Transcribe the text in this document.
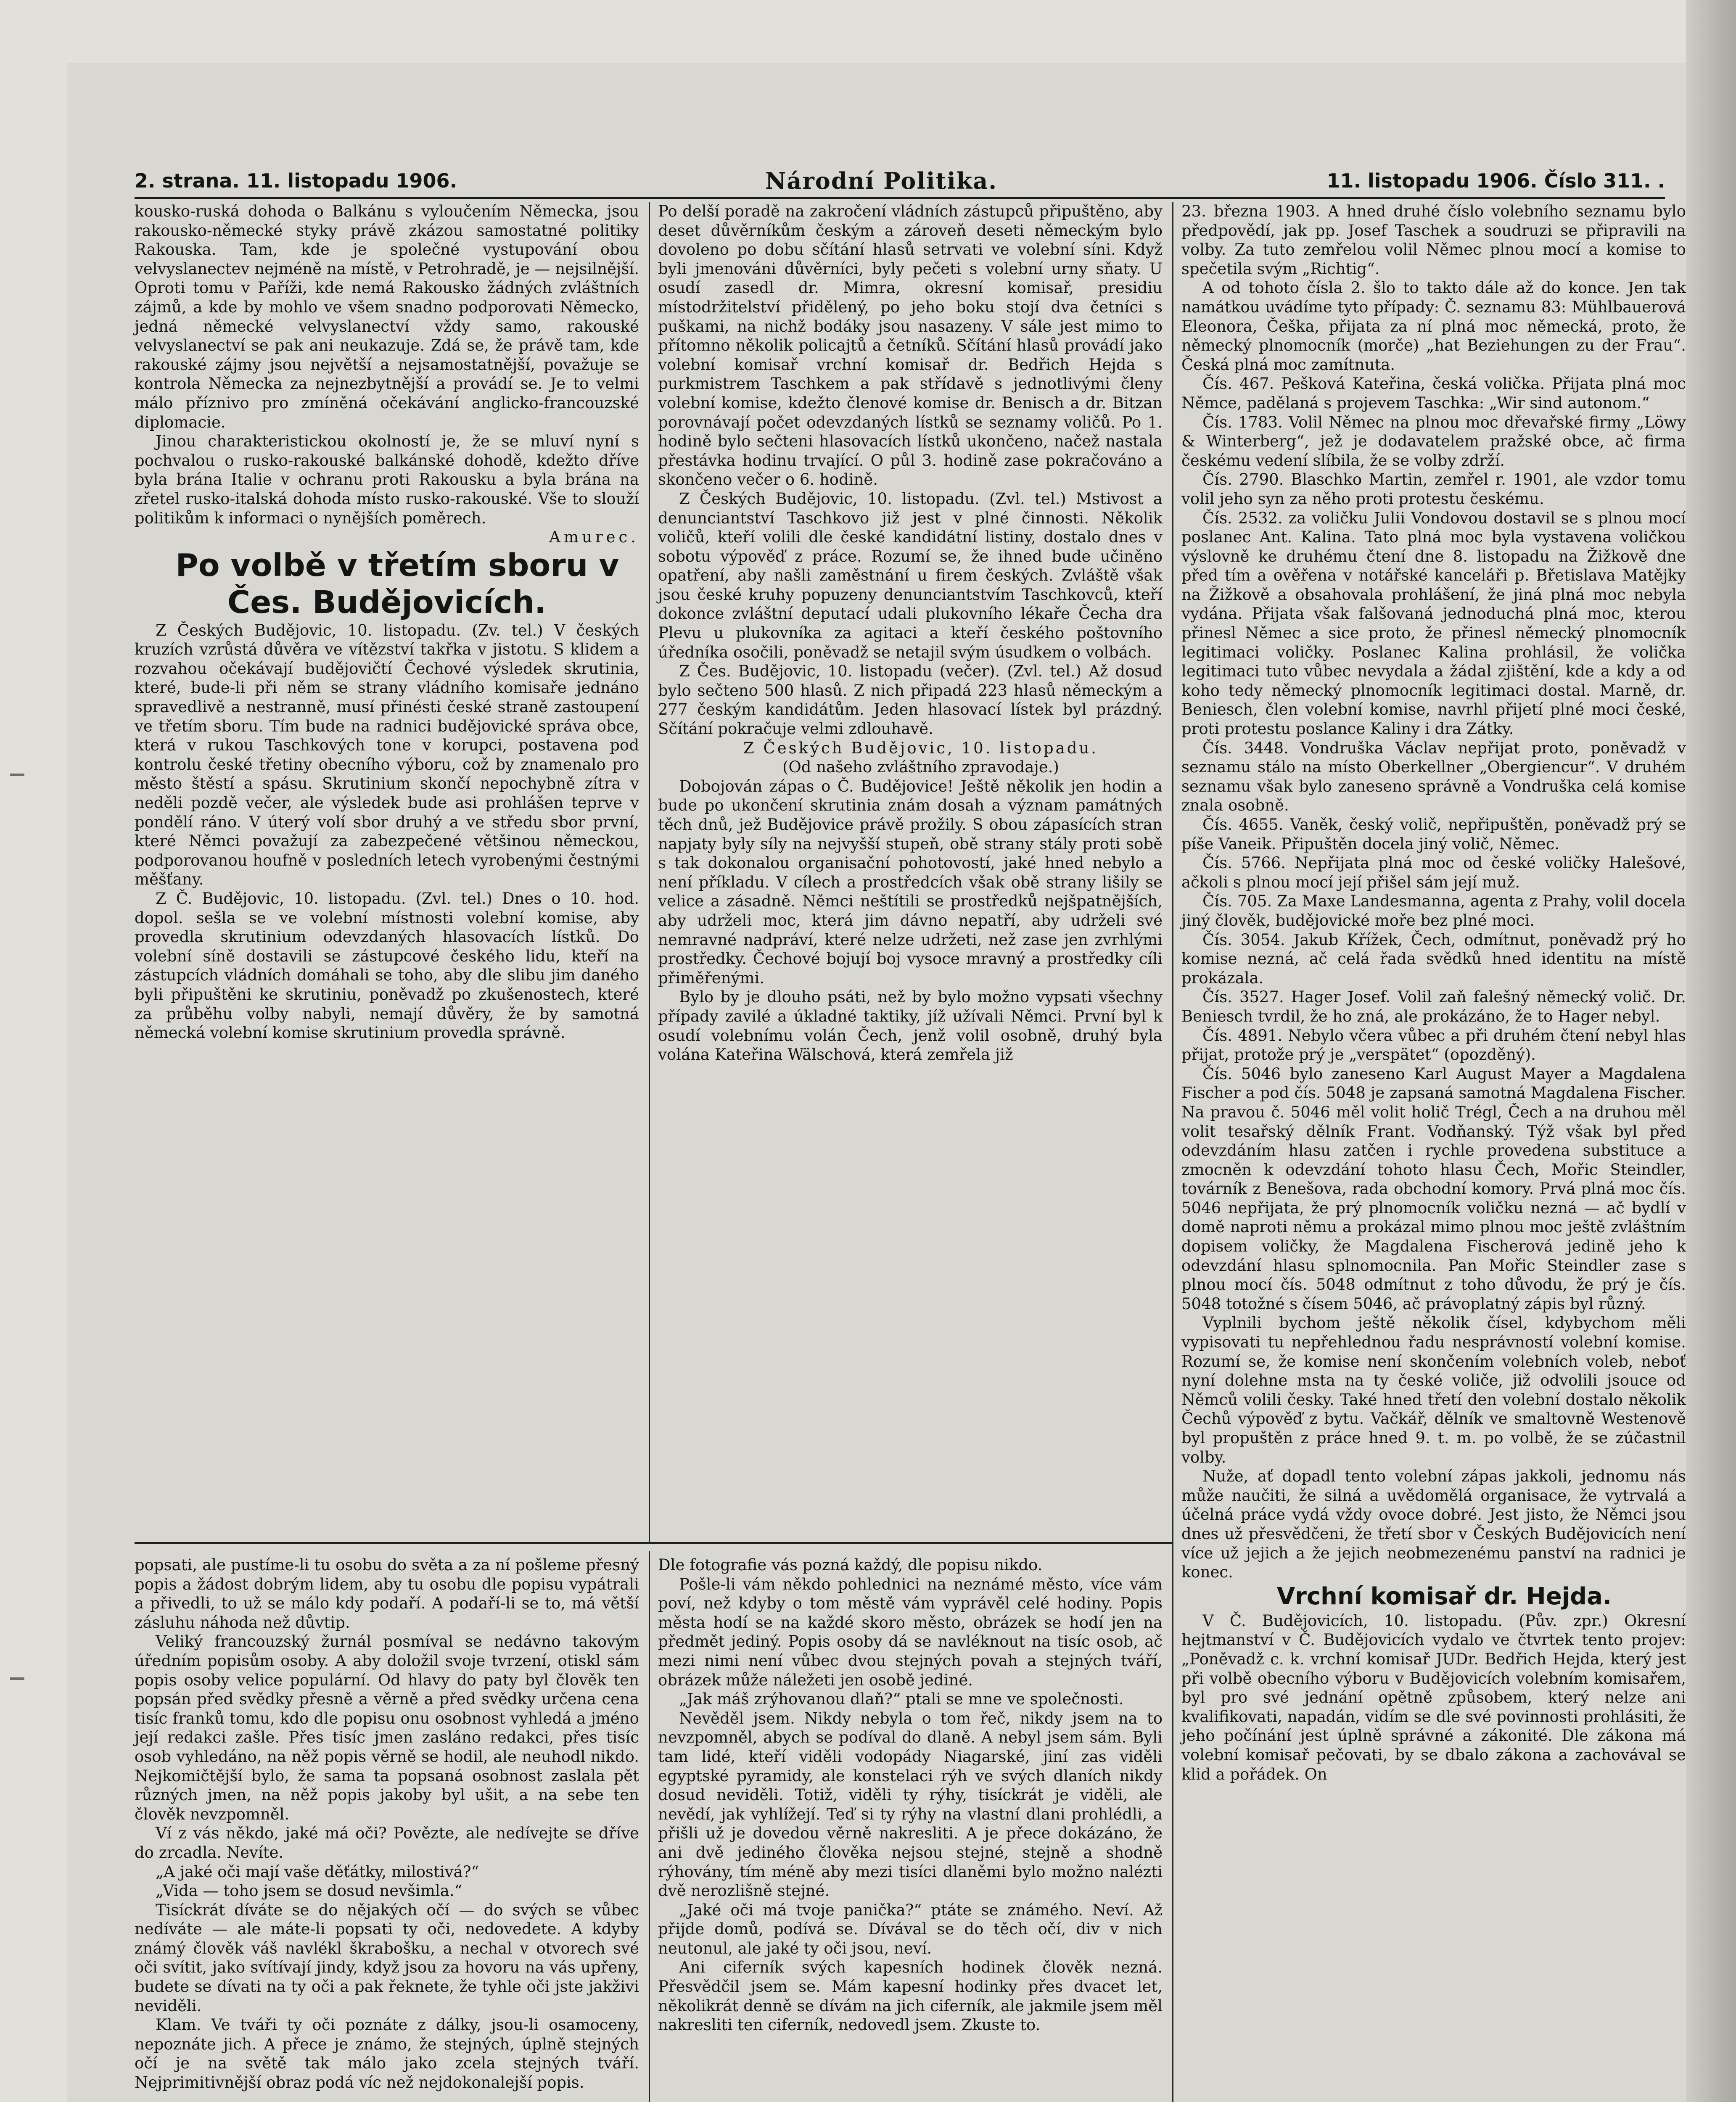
2. strana. 11. listopadu 1906.	Národní Politika.	11. listopadu 1906. Číslo 311. .

kousko-ruská dohoda o Balkánu s vyloučením Německa, jsou rakousko-německé styky právě zkázou samostatné politiky Rakouska. Tam, kde je společné vystupování obou velvyslanectev nejméně na místě, v Petrohradě, je — nejsilnější. Oproti tomu v Paříži, kde nemá Rakousko žádných zvláštních zájmů, a kde by mohlo ve všem snadno podporovati Německo, jedná německé velvyslanectví vždy samo, rakouské velvyslanectví se pak ani neukazuje. Zdá se, že právě tam, kde rakouské zájmy jsou největší a nejsamostatnější, považuje se kontrola Německa za nejnezbytnější a provádí se. Je to velmi málo příznivo pro zmíněná očekávání anglicko-francouzské diplomacie.

Jinou charakteristickou okolností je, že se mluví nyní s pochvalou o rusko-rakouské balkánské dohodě, kdežto dříve byla brána Italie v ochranu proti Rakousku a byla brána na zřetel rusko-italská dohoda místo rusko-rakouské. Vše to slouží politikům k informaci o nynějších poměrech.

Amurec.

Po volbě v třetím sboru v Čes. Budějovicích.

Z Českých Budějovic, 10. listopadu. (Zv. tel.) V českých kruzích vzrůstá důvěra ve vítězství takřka v jistotu. S klidem a rozvahou očekávají budějovičtí Čechové výsledek skrutinia, které, bude-li při něm se strany vládního komisaře jednáno spravedlivě a nestranně, musí přinésti české straně zastoupení ve třetím sboru. Tím bude na radnici budějovické správa obce, která v rukou Taschkových tone v korupci, postavena pod kontrolu české třetiny obecního výboru, což by znamenalo pro město štěstí a spásu. Skrutinium skončí nepochybně zítra v neděli pozdě večer, ale výsledek bude asi prohlášen teprve v pondělí ráno. V úterý volí sbor druhý a ve středu sbor první, které Němci považují za zabezpečené většinou německou, podporovanou houfně v posledních letech vyrobenými čestnými měšťany.

Z Č. Budějovic, 10. listopadu. (Zvl. tel.) Dnes o 10. hod. dopol. sešla se ve volební místnosti volební komise, aby provedla skrutinium odevzdaných hlasovacích lístků. Do volební síně dostavili se zástupcové českého lidu, kteří na zástupcích vládních domáhali se toho, aby dle slibu jim daného byli připuštěni ke skrutiniu, poněvadž po zkušenostech, které za průběhu volby nabyli, nemají důvěry, že by samotná německá volební komise skrutinium provedla správně.

Po delší poradě na zakročení vládních zástupců připuštěno, aby deset důvěrníkům českým a zároveň deseti německým bylo dovoleno po dobu sčítání hlasů setrvati ve volební síni. Když byli jmenováni důvěrníci, byly pečeti s volební urny sňaty. U osudí zasedl dr. Mimra, okresní komisař, presidiu místodržitelství přidělený, po jeho boku stojí dva četníci s puškami, na nichž bodáky jsou nasazeny. V sále jest mimo to přítomno několik policajtů a četníků. Sčítání hlasů provádí jako volební komisař vrchní komisař dr. Bedřich Hejda s purkmistrem Taschkem a pak střídavě s jednotlivými členy volební komise, kdežto členové komise dr. Benisch a dr. Bitzan porovnávají počet odevzdaných lístků se seznamy voličů. Po 1. hodině bylo sečteni hlasovacích lístků ukončeno, načež nastala přestávka hodinu trvající. O půl 3. hodině zase pokračováno a skončeno večer o 6. hodině.

Z Českých Budějovic, 10. listopadu. (Zvl. tel.) Mstivost a denunciantství Taschkovo již jest v plné činnosti. Několik voličů, kteří volili dle české kandidátní listiny, dostalo dnes v sobotu výpověď z práce. Rozumí se, že ihned bude učiněno opatření, aby našli zaměstnání u firem českých. Zvláště však jsou české kruhy popuzeny denunciantstvím Taschkovců, kteří dokonce zvláštní deputací udali plukovního lékaře Čecha dra Plevu u plukovníka za agitaci a kteří českého poštovního úředníka osočili, poněvadž se netajil svým úsudkem o volbách.

Z Čes. Budějovic, 10. listopadu (večer). (Zvl. tel.) Až dosud bylo sečteno 500 hlasů. Z nich připadá 223 hlasů německým a 277 českým kandidátům. Jeden hlasovací lístek byl prázdný. Sčítání pokračuje velmi zdlouhavě.

Z Českých Budějovic, 10. listopadu.

(Od našeho zvláštního zpravodaje.)

Dobojován zápas o Č. Budějovice! Ještě několik jen hodin a bude po ukončení skrutinia znám dosah a význam památných těch dnů, jež Budějovice právě prožily. S obou zápasících stran napjaty byly síly na nejvyšší stupeň, obě strany stály proti sobě s tak dokonalou organisační pohotovostí, jaké hned nebylo a není příkladu. V cílech a prostředcích však obě strany lišily se velice a zásadně. Němci neštítili se prostředků nejšpatnějších, aby udrželi moc, která jim dávno nepatří, aby udrželi své nemravné nadpráví, které nelze udržeti, než zase jen zvrhlými prostředky. Čechové bojují boj vysoce mravný a prostředky cíli přiměřenými.

Bylo by je dlouho psáti, než by bylo možno vypsati všechny případy zavilé a úkladné taktiky, jíž užívali Němci. První byl k osudí volebnímu volán Čech, jenž volil osobně, druhý byla volána Kateřina Wälschová, která zemřela již

23. března 1903. A hned druhé číslo volebního seznamu bylo předpovědí, jak pp. Josef Taschek a soudruzi se připravili na volby. Za tuto zemřelou volil Němec plnou mocí a komise to spečetila svým „Richtig“.

A od tohoto čísla 2. šlo to takto dále až do konce. Jen tak namátkou uvádíme tyto případy: Č. seznamu 83: Mühlbauerová Eleonora, Češka, přijata za ní plná moc německá, proto, že německý plnomocník (morče) „hat Beziehungen zu der Frau“. Česká plná moc zamítnuta.

Čís. 467. Pešková Kateřina, česká volička. Přijata plná moc Němce, padělaná s projevem Taschka: „Wir sind autonom.“

Čís. 1783. Volil Němec na plnou moc dřevařské firmy „Löwy & Winterberg“, jež je dodavatelem pražské obce, ač firma českému vedení slíbila, že se volby zdrží.

Čís. 2790. Blaschko Martin, zemřel r. 1901, ale vzdor tomu volil jeho syn za něho proti protestu českému.

Čís. 2532. za voličku Julii Vondovou dostavil se s plnou mocí poslanec Ant. Kalina. Tato plná moc byla vystavena voličkou výslovně ke druhému čtení dne 8. listopadu na Žižkově dne před tím a ověřena v notářské kanceláři p. Břetislava Matějky na Žižkově a obsahovala prohlášení, že jiná plná moc nebyla vydána. Přijata však falšovaná jednoduchá plná moc, kterou přinesl Němec a sice proto, že přinesl německý plnomocník legitimaci voličky. Poslanec Kalina prohlásil, že volička legitimaci tuto vůbec nevydala a žádal zjištění, kde a kdy a od koho tedy německý plnomocník legitimaci dostal. Marně, dr. Beniesch, člen volební komise, navrhl přijetí plné moci české, proti protestu poslance Kaliny i dra Zátky.

Čís. 3448. Vondruška Václav nepřijat proto, poněvadž v seznamu stálo na místo Oberkellner „Obergiencur“. V druhém seznamu však bylo zaneseno správně a Vondruška celá komise znala osobně.

Čís. 4655. Vaněk, český volič, nepřipuštěn, poněvadž prý se píše Vaneik. Připuštěn docela jiný volič, Němec.

Čís. 5766. Nepřijata plná moc od české voličky Halešové, ačkoli s plnou mocí její přišel sám její muž.

Čís. 705. Za Maxe Landesmanna, agenta z Prahy, volil docela jiný člověk, budějovické moře bez plné moci.

Čís. 3054. Jakub Křížek, Čech, odmítnut, poněvadž prý ho komise nezná, ač celá řada svědků hned identitu na místě prokázala.

Čís. 3527. Hager Josef. Volil zaň falešný německý volič. Dr. Beniesch tvrdil, že ho zná, ale prokázáno, že to Hager nebyl.

Čís. 4891. Nebylo včera vůbec a při druhém čtení nebyl hlas přijat, protože prý je „verspätet“ (opozděný).

Čís. 5046 bylo zaneseno Karl August Mayer a Magdalena Fischer a pod čís. 5048 je zapsaná samotná Magdalena Fischer. Na pravou č. 5046 měl volit holič Trégl, Čech a na druhou měl volit tesařský dělník Frant. Vodňanský. Týž však byl před odevzdáním hlasu zatčen i rychle provedena substituce a zmocněn k odevzdání tohoto hlasu Čech, Mořic Steindler, továrník z Benešova, rada obchodní komory. Prvá plná moc čís. 5046 nepřijata, že prý plnomocník voličku nezná — ač bydlí v domě naproti němu a prokázal mimo plnou moc ještě zvláštním dopisem voličky, že Magdalena Fischerová jedině jeho k odevzdání hlasu splnomocnila. Pan Mořic Steindler zase s plnou mocí čís. 5048 odmítnut z toho důvodu, že prý je čís. 5048 totožné s čísem 5046, ač právoplatný zápis byl různý.

Vyplnili bychom ještě několik čísel, kdybychom měli vypisovati tu nepřehlednou řadu nesprávností volební komise. Rozumí se, že komise není skončením volebních voleb, neboť nyní dolehne msta na ty české voliče, již odvolili jsouce od Němců volili česky. Také hned třetí den volební dostalo několik Čechů výpověď z bytu. Vačkář, dělník ve smaltovně Westenově byl propuštěn z práce hned 9. t. m. po volbě, že se zúčastnil volby.

Nuže, ať dopadl tento volební zápas jakkoli, jednomu nás může naučiti, že silná a uvědomělá organisace, že vytrvalá a účelná práce vydá vždy ovoce dobré. Jest jisto, že Němci jsou dnes už přesvědčeni, že třetí sbor v Českých Budějovicích není více už jejich a že jejich neobmezenému panství na radnici je konec.

Vrchní komisař dr. Hejda.

V Č. Budějovicích, 10. listopadu. (Pův. zpr.) Okresní hejtmanství v Č. Budějovicích vydalo ve čtvrtek tento projev: „Poněvadž c. k. vrchní komisař JUDr. Bedřich Hejda, který jest při volbě obecního výboru v Budějovicích volebním komisařem, byl pro své jednání opětně způsobem, který nelze ani kvalifikovati, napadán, vidím se dle své povinnosti prohlásiti, že jeho počínání jest úplně správné a zákonité. Dle zákona má volební komisař pečovati, by se dbalo zákona a zachovával se klid a pořádek. On

popsati, ale pustíme-li tu osobu do světa a za ní pošleme přesný popis a žádost dobrým lidem, aby tu osobu dle popisu vypátrali a přivedli, to už se málo kdy podaří. A podaří-li se to, má větší zásluhu náhoda než důvtip.

Veliký francouzský žurnál posmíval se nedávno takovým úředním popisům osoby. A aby doložil svoje tvrzení, otiskl sám popis osoby velice populární. Od hlavy do paty byl člověk ten popsán před svědky přesně a věrně a před svědky určena cena tisíc franků tomu, kdo dle popisu onu osobnost vyhledá a jméno její redakci zašle. Přes tisíc jmen zasláno redakci, přes tisíc osob vyhledáno, na něž popis věrně se hodil, ale neuhodl nikdo. Nejkomičtější bylo, že sama ta popsaná osobnost zaslala pět různých jmen, na něž popis jakoby byl ušit, a na sebe ten člověk nevzpomněl.

Ví z vás někdo, jaké má oči? Povězte, ale nedívejte se dříve do zrcadla. Nevíte.

„A jaké oči mají vaše děťátky, milostivá?“

„Vida — toho jsem se dosud nevšimla.“

Tisíckrát díváte se do nějakých očí — do svých se vůbec nedíváte — ale máte-li popsati ty oči, nedovedete. A kdyby známý člověk váš navlékl škrabošku, a nechal v otvorech své oči svítit, jako svítívají jindy, když jsou za hovoru na vás upřeny, budete se dívati na ty oči a pak řeknete, že tyhle oči jste jakživi neviděli.

Klam. Ve tváři ty oči poznáte z dálky, jsou-li osamoceny, nepoznáte jich. A přece je známo, že stejných, úplně stejných očí je na světě tak málo jako zcela stejných tváří. Nejprimitivnější obraz podá víc než nejdokonalejší popis.

Dle fotografie vás pozná každý, dle popisu nikdo.

Pošle-li vám někdo pohlednici na neznámé město, více vám poví, než kdyby o tom městě vám vyprávěl celé hodiny. Popis města hodí se na každé skoro město, obrázek se hodí jen na předmět jediný. Popis osoby dá se navléknout na tisíc osob, ač mezi nimi není vůbec dvou stejných povah a stejných tváří, obrázek může náležeti jen osobě jediné.

„Jak máš zrýhovanou dlaň?“ ptali se mne ve společnosti.

Nevěděl jsem. Nikdy nebyla o tom řeč, nikdy jsem na to nevzpomněl, abych se podíval do dlaně. A nebyl jsem sám. Byli tam lidé, kteří viděli vodopády Niagarské, jiní zas viděli egyptské pyramidy, ale konstelaci rýh ve svých dlaních nikdy dosud neviděli. Totiž, viděli ty rýhy, tisíckrát je viděli, ale nevědí, jak vyhlížejí. Teď si ty rýhy na vlastní dlani prohlédli, a přišli už je dovedou věrně nakresliti. A je přece dokázáno, že ani dvě jediného člověka nejsou stejné, stejně a shodně rýhovány, tím méně aby mezi tisíci dlaněmi bylo možno nalézti dvě nerozlišně stejné.

„Jaké oči má tvoje panička?“ ptáte se známého. Neví. Až přijde domů, podívá se. Dívával se do těch očí, div v nich neutonul, ale jaké ty oči jsou, neví.

Ani ciferník svých kapesních hodinek člověk nezná. Přesvědčil jsem se. Mám kapesní hodinky přes dvacet let, několikrát denně se dívám na jich ciferník, ale jakmile jsem měl nakresliti ten ciferník, nedovedl jsem. Zkuste to.
